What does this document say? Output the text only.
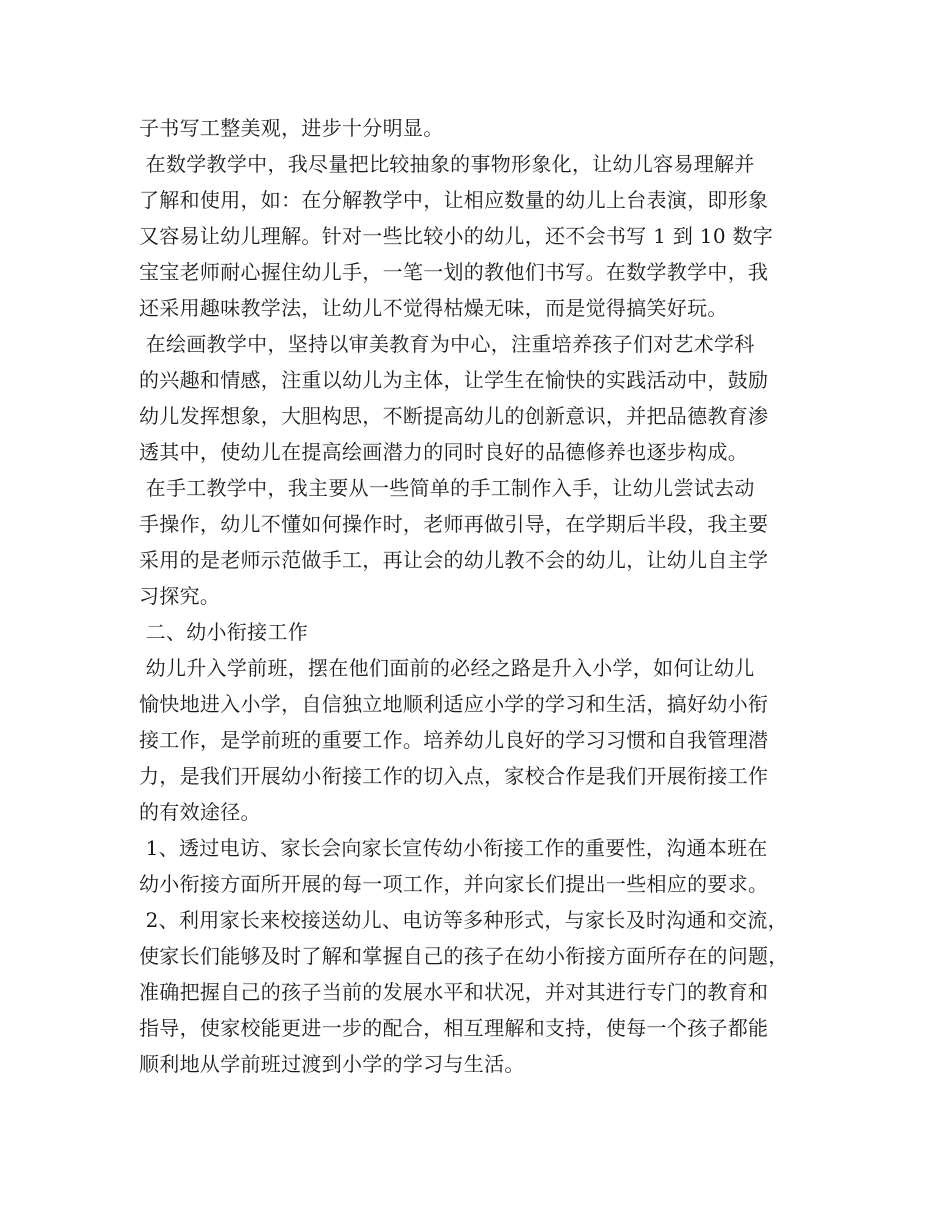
子书写工整美观，进步十分明显。
在数学教学中，我尽量把比较抽象的事物形象化，让幼儿容易理解并
了解和使用，如：在分解教学中，让相应数量的幼儿上台表演，即形象
又容易让幼儿理解。针对一些比较小的幼儿，还不会书写 1 到 10 数字
宝宝老师耐心握住幼儿手，一笔一划的教他们书写。在数学教学中，我
还采用趣味教学法，让幼儿不觉得枯燥无味，而是觉得搞笑好玩。
在绘画教学中，坚持以审美教育为中心，注重培养孩子们对艺术学科
的兴趣和情感，注重以幼儿为主体，让学生在愉快的实践活动中，鼓励
幼儿发挥想象，大胆构思，不断提高幼儿的创新意识，并把品德教育渗
透其中，使幼儿在提高绘画潜力的同时良好的品德修养也逐步构成。
在手工教学中，我主要从一些简单的手工制作入手，让幼儿尝试去动
手操作，幼儿不懂如何操作时，老师再做引导，在学期后半段，我主要
采用的是老师示范做手工，再让会的幼儿教不会的幼儿，让幼儿自主学
习探究。
二、幼小衔接工作
幼儿升入学前班，摆在他们面前的必经之路是升入小学，如何让幼儿
愉快地进入小学，自信独立地顺利适应小学的学习和生活，搞好幼小衔
接工作，是学前班的重要工作。培养幼儿良好的学习习惯和自我管理潜
力，是我们开展幼小衔接工作的切入点，家校合作是我们开展衔接工作
的有效途径。
1、透过电访、家长会向家长宣传幼小衔接工作的重要性，沟通本班在
幼小衔接方面所开展的每一项工作，并向家长们提出一些相应的要求。
2、利用家长来校接送幼儿、电访等多种形式，与家长及时沟通和交流，
使家长们能够及时了解和掌握自己的孩子在幼小衔接方面所存在的问题，
准确把握自己的孩子当前的发展水平和状况，并对其进行专门的教育和
指导，使家校能更进一步的配合，相互理解和支持，使每一个孩子都能
顺利地从学前班过渡到小学的学习与生活。
